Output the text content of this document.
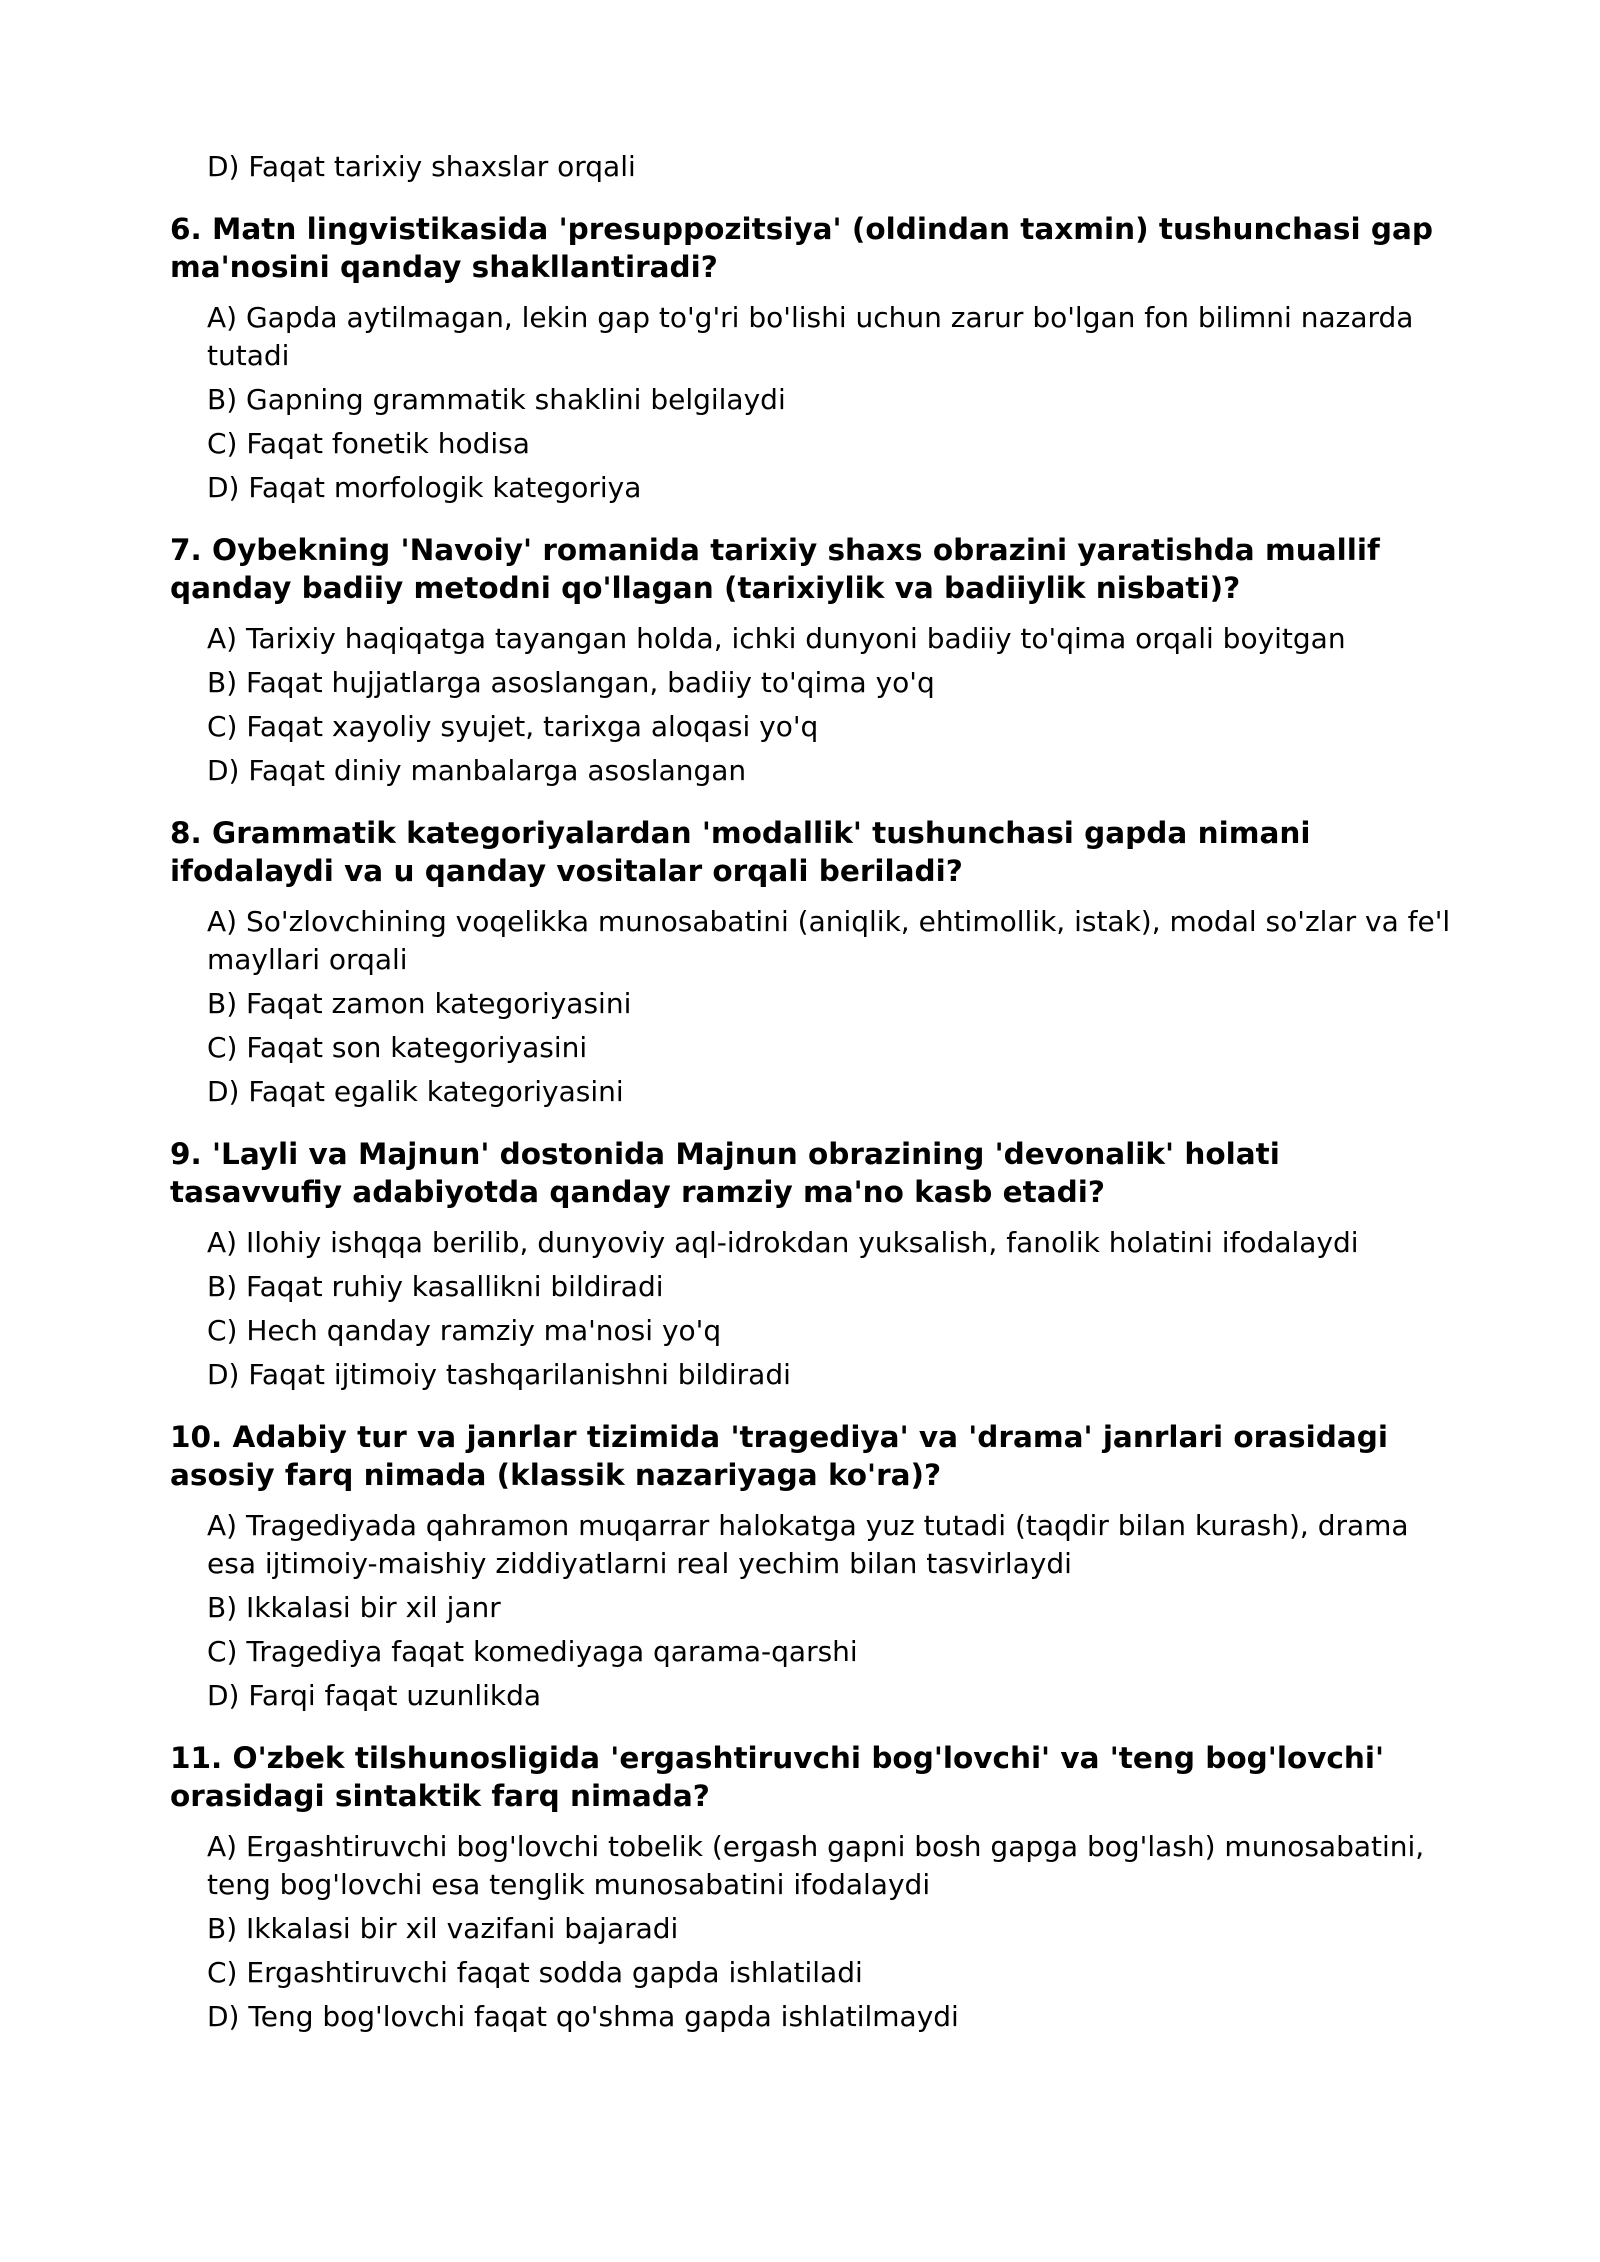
D) Faqat tarixiy shaxslar orqali
6. Matn lingvistikasida 'presuppozitsiya' (oldindan taxmin) tushunchasi gap ma'nosini qanday shakllantiradi?
A) Gapda aytilmagan, lekin gap to'g'ri bo'lishi uchun zarur bo'lgan fon bilimni nazarda tutadi
B) Gapning grammatik shaklini belgilaydi
C) Faqat fonetik hodisa
D) Faqat morfologik kategoriya
7. Oybekning 'Navoiy' romanida tarixiy shaxs obrazini yaratishda muallif qanday badiiy metodni qo'llagan (tarixiylik va badiiylik nisbati)?
A) Tarixiy haqiqatga tayangan holda, ichki dunyoni badiiy to'qima orqali boyitgan
B) Faqat hujjatlarga asoslangan, badiiy to'qima yo'q
C) Faqat xayoliy syujet, tarixga aloqasi yo'q
D) Faqat diniy manbalarga asoslangan
8. Grammatik kategoriyalardan 'modallik' tushunchasi gapda nimani ifodalaydi va u qanday vositalar orqali beriladi?
A) So'zlovchining voqelikka munosabatini (aniqlik, ehtimollik, istak), modal so'zlar va fe'l mayllari orqali
B) Faqat zamon kategoriyasini
C) Faqat son kategoriyasini
D) Faqat egalik kategoriyasini
9. 'Layli va Majnun' dostonida Majnun obrazining 'devonalik' holati tasavvufiy adabiyotda qanday ramziy ma'no kasb etadi?
A) Ilohiy ishqqa berilib, dunyoviy aql-idrokdan yuksalish, fanolik holatini ifodalaydi
B) Faqat ruhiy kasallikni bildiradi
C) Hech qanday ramziy ma'nosi yo'q
D) Faqat ijtimoiy tashqarilanishni bildiradi
10. Adabiy tur va janrlar tizimida 'tragediya' va 'drama' janrlari orasidagi asosiy farq nimada (klassik nazariyaga ko'ra)?
A) Tragediyada qahramon muqarrar halokatga yuz tutadi (taqdir bilan kurash), drama esa ijtimoiy-maishiy ziddiyatlarni real yechim bilan tasvirlaydi
B) Ikkalasi bir xil janr
C) Tragediya faqat komediyaga qarama-qarshi
D) Farqi faqat uzunlikda
11. O'zbek tilshunosligida 'ergashtiruvchi bog'lovchi' va 'teng bog'lovchi' orasidagi sintaktik farq nimada?
A) Ergashtiruvchi bog'lovchi tobelik (ergash gapni bosh gapga bog'lash) munosabatini, teng bog'lovchi esa tenglik munosabatini ifodalaydi
B) Ikkalasi bir xil vazifani bajaradi
C) Ergashtiruvchi faqat sodda gapda ishlatiladi
D) Teng bog'lovchi faqat qo'shma gapda ishlatilmaydi
